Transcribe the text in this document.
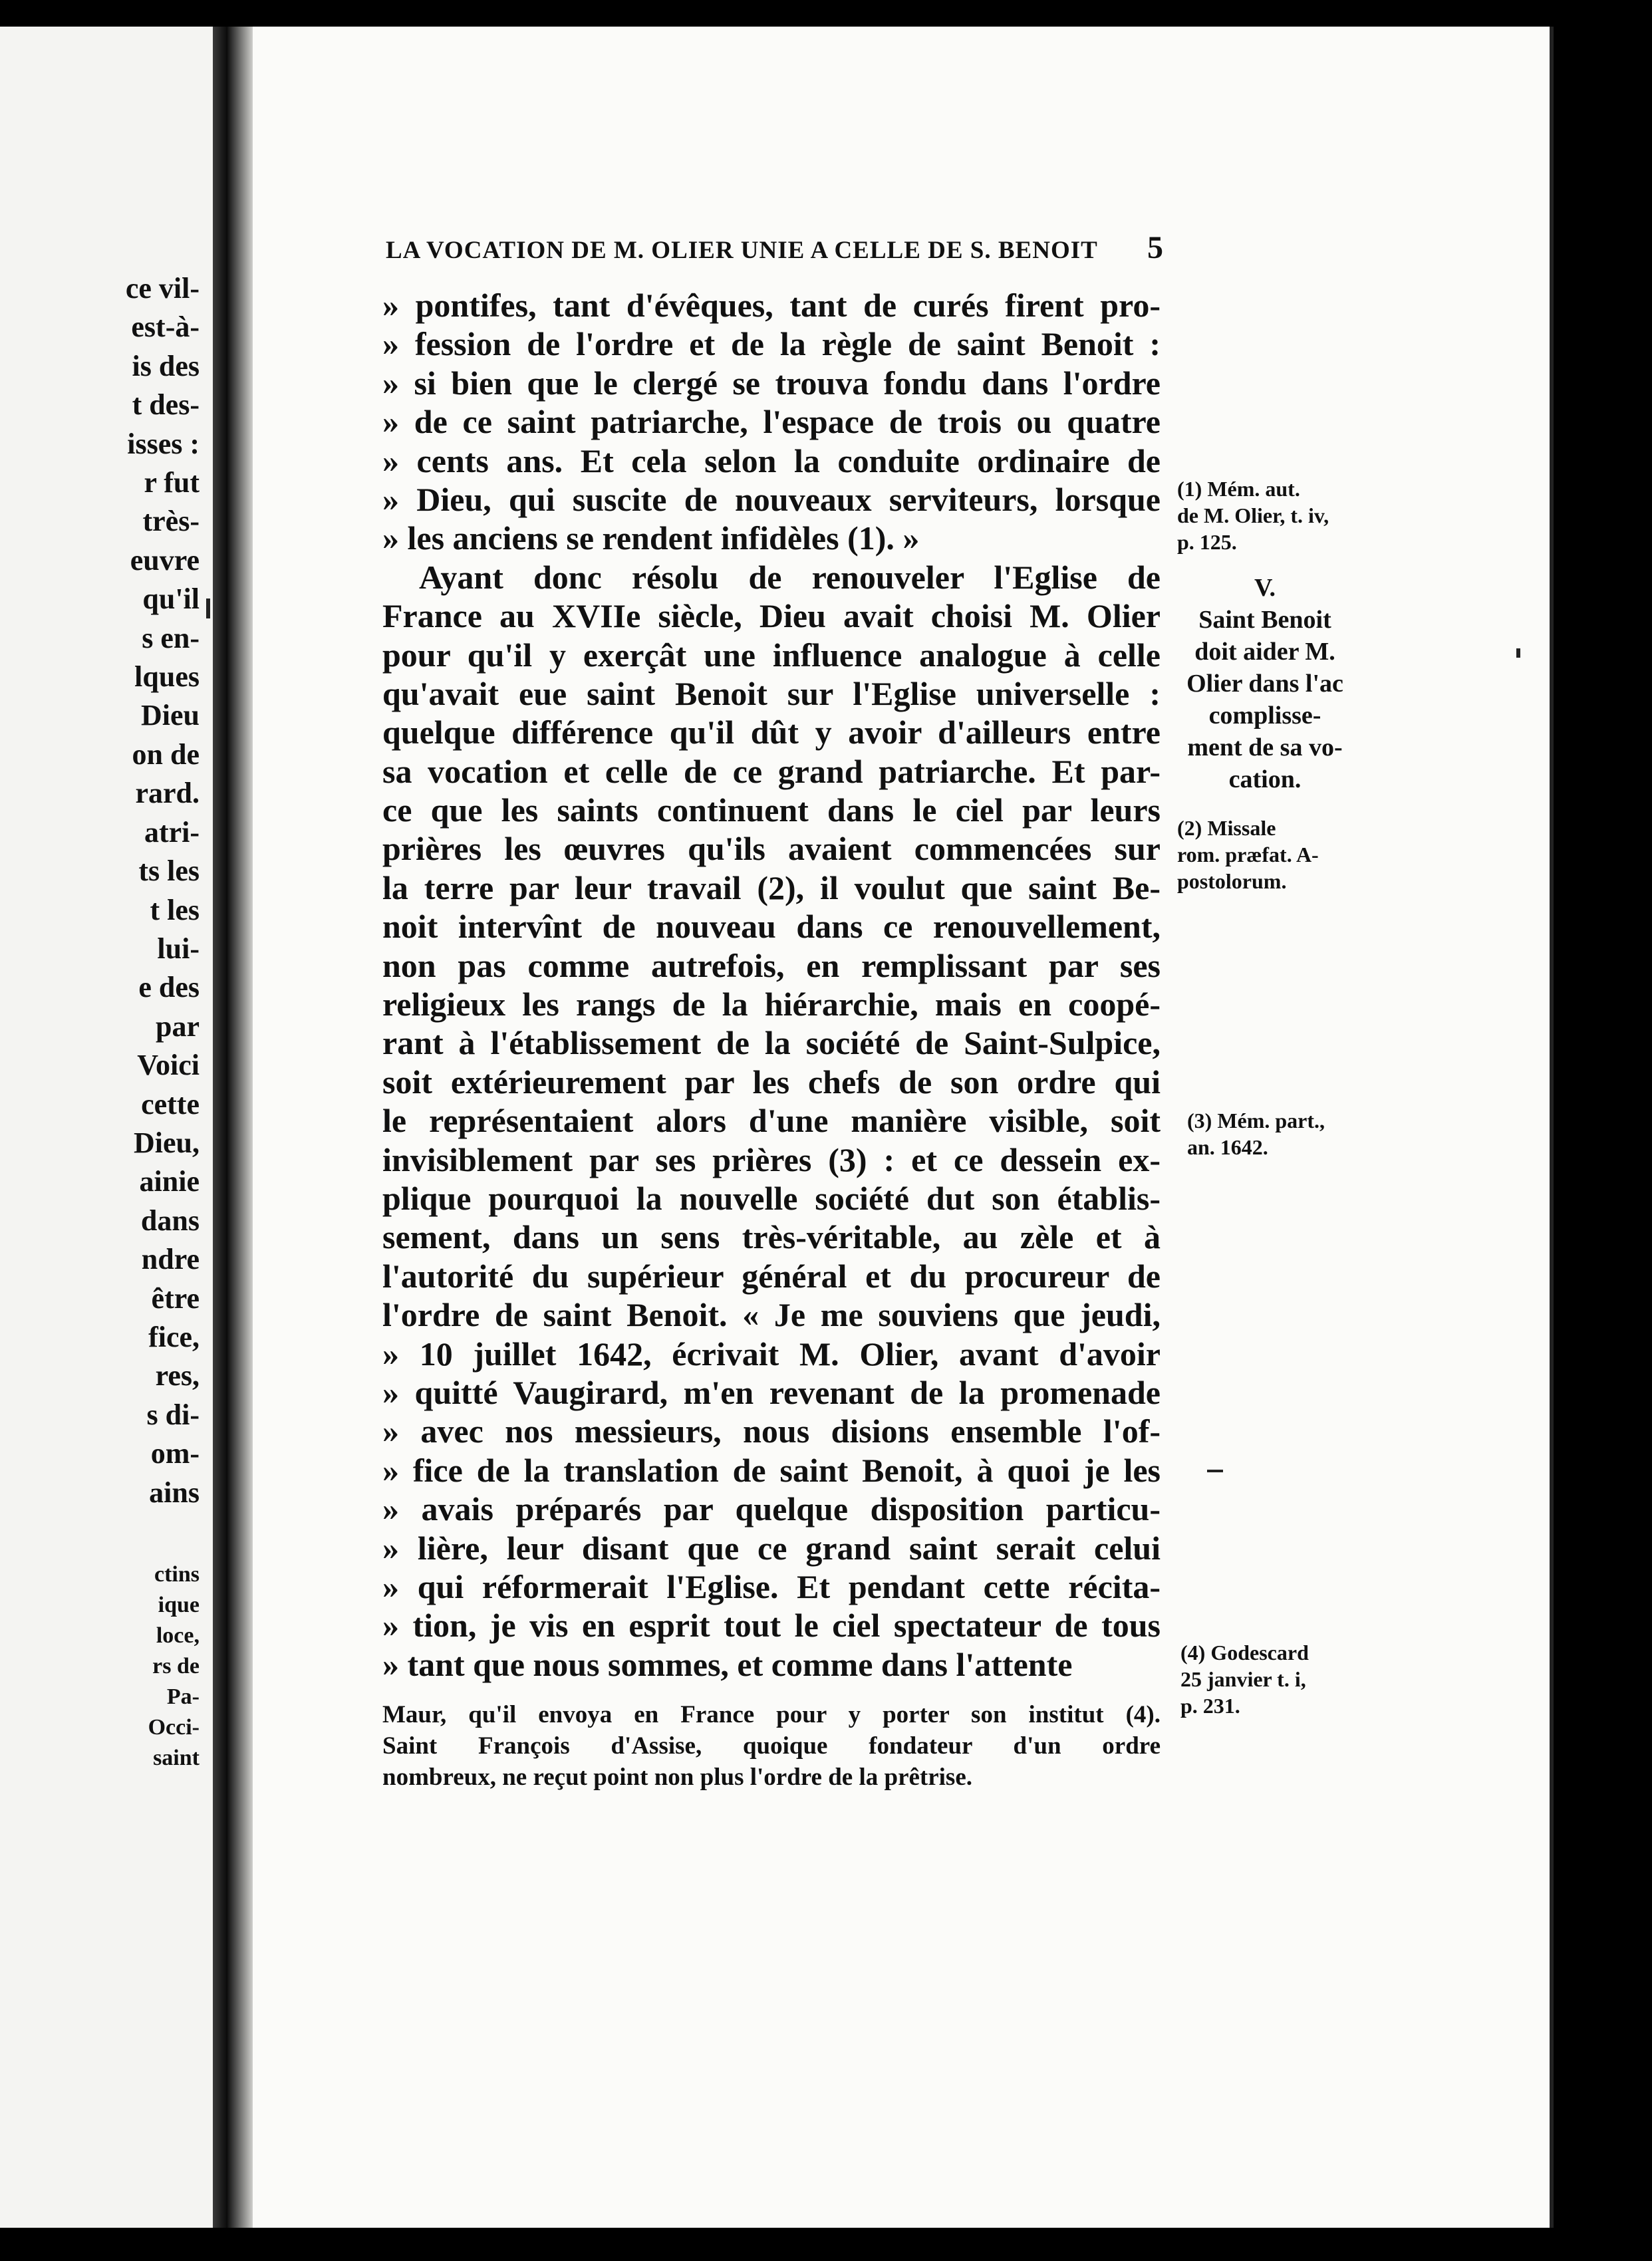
ce vil-
est-à-
is des
t des-
isses :
r fut
très-
euvre
qu'il
s en-
lques
Dieu
on de
rard.
atri-
ts les
t les
lui-
e des
par
Voici
cette
Dieu,
ainie
dans
ndre
être
fice,
res,
s di-
om-
ains
ctins
ique
loce,
rs de
Pa-
Occi-
saint
LA VOCATION DE M. OLIER UNIE A CELLE DE S. BENOIT 5
» pontifes, tant d'évêques, tant de curés firent pro-
» fession de l'ordre et de la règle de saint Benoit :
» si bien que le clergé se trouva fondu dans l'ordre
» de ce saint patriarche, l'espace de trois ou quatre
» cents ans. Et cela selon la conduite ordinaire de
» Dieu, qui suscite de nouveaux serviteurs, lorsque
» les anciens se rendent infidèles (1). »
Ayant donc résolu de renouveler l'Eglise de
France au XVIIe siècle, Dieu avait choisi M. Olier
pour qu'il y exerçât une influence analogue à celle
qu'avait eue saint Benoit sur l'Eglise universelle :
quelque différence qu'il dût y avoir d'ailleurs entre
sa vocation et celle de ce grand patriarche. Et par-
ce que les saints continuent dans le ciel par leurs
prières les œuvres qu'ils avaient commencées sur
la terre par leur travail (2), il voulut que saint Be-
noit intervînt de nouveau dans ce renouvellement,
non pas comme autrefois, en remplissant par ses
religieux les rangs de la hiérarchie, mais en coopé-
rant à l'établissement de la société de Saint-Sulpice,
soit extérieurement par les chefs de son ordre qui
le représentaient alors d'une manière visible, soit
invisiblement par ses prières (3) : et ce dessein ex-
plique pourquoi la nouvelle société dut son établis-
sement, dans un sens très-véritable, au zèle et à
l'autorité du supérieur général et du procureur de
l'ordre de saint Benoit. « Je me souviens que jeudi,
» 10 juillet 1642, écrivait M. Olier, avant d'avoir
» quitté Vaugirard, m'en revenant de la promenade
» avec nos messieurs, nous disions ensemble l'of-
» fice de la translation de saint Benoit, à quoi je les
» avais préparés par quelque disposition particu-
» lière, leur disant que ce grand saint serait celui
» qui réformerait l'Eglise. Et pendant cette récita-
» tion, je vis en esprit tout le ciel spectateur de tous
» tant que nous sommes, et comme dans l'attente
Maur, qu'il envoya en France pour y porter son institut (4).
Saint François d'Assise, quoique fondateur d'un ordre
nombreux, ne reçut point non plus l'ordre de la prêtrise.
(1) Mém. aut.
de M. Olier, t. iv,
p. 125.
V.
Saint Benoit
doit aider M.
Olier dans l'ac
complisse-
ment de sa vo-
cation.
(2) Missale
rom. præfat. A-
postolorum.
(3) Mém. part.,
an. 1642.
(4) Godescard
25 janvier t. i,
p. 231.
